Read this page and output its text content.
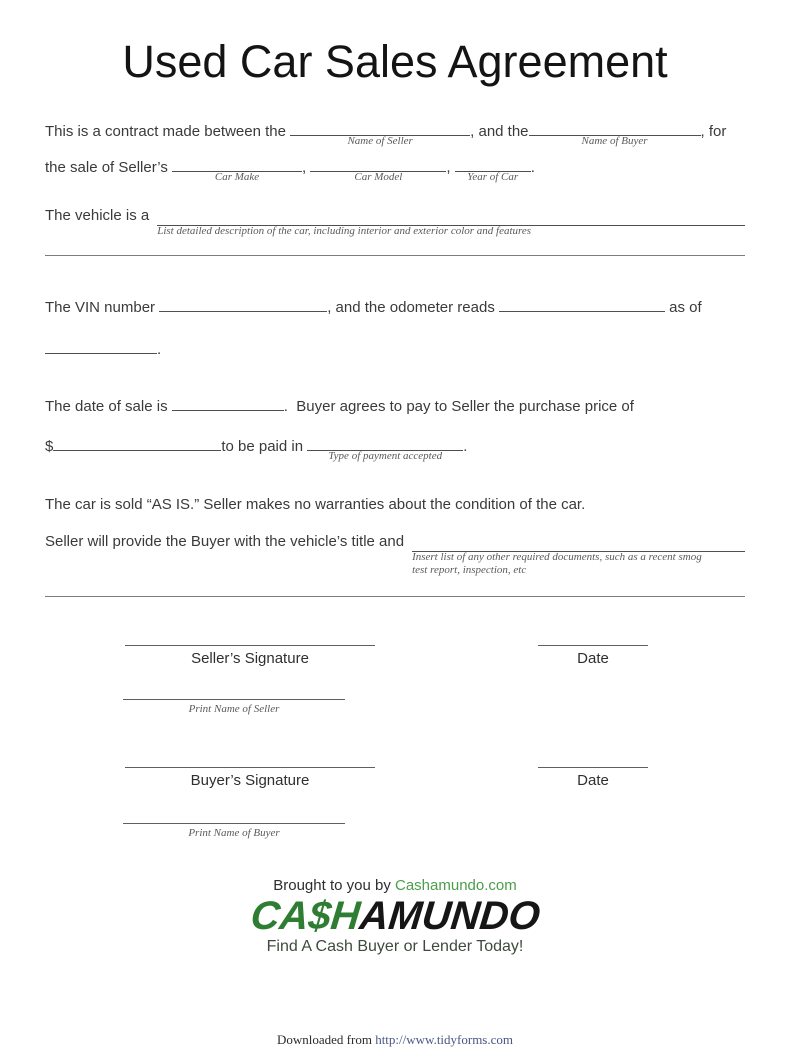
Used Car Sales Agreement
This is a contract made between the
Name of Seller
, and the
Name of Buyer
, for
the sale of Seller’s
Car Make
,
Car Model
,
Year of Car
.
The vehicle is a
List detailed description of the car, including interior and exterior color and features
The VIN number	, and the odometer reads	as of
.
The date of sale is	.  Buyer agrees to pay to Seller the purchase price of
$	to be paid in
Type of payment accepted
.
The car is sold “AS IS.” Seller makes no warranties about the condition of the car.
Seller will provide the Buyer with the vehicle’s title and
Insert list of any other required documents, such as a recent smog test report, inspection, etc
Seller’s Signature	Date
Print Name of Seller
Buyer’s Signature	Date
Print Name of Buyer
Brought to you by Cashamundo.com
CA$HAMUNDO
Find A Cash Buyer or Lender Today!
Downloaded from http://www.tidyforms.com
